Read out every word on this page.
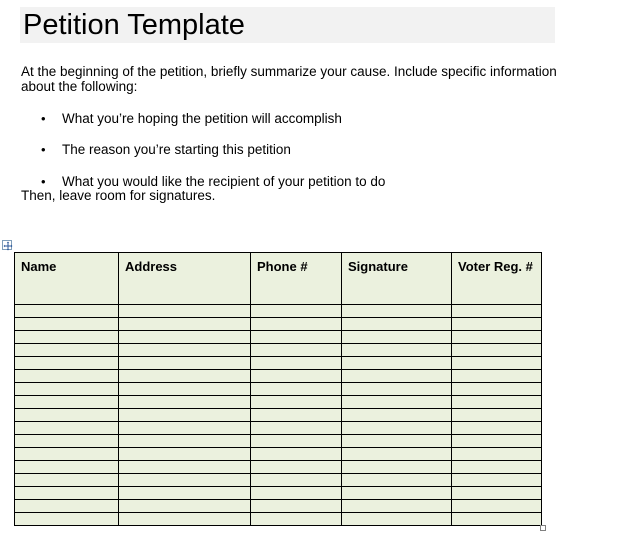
Petition Template

At the beginning of the petition, briefly summarize your cause. Include specific information about the following:

• What you’re hoping the petition will accomplish
• The reason you’re starting this petition
• What you would like the recipient of your petition to do

Then, leave room for signatures.

Name	Address	Phone #	Signature	Voter Reg. #
